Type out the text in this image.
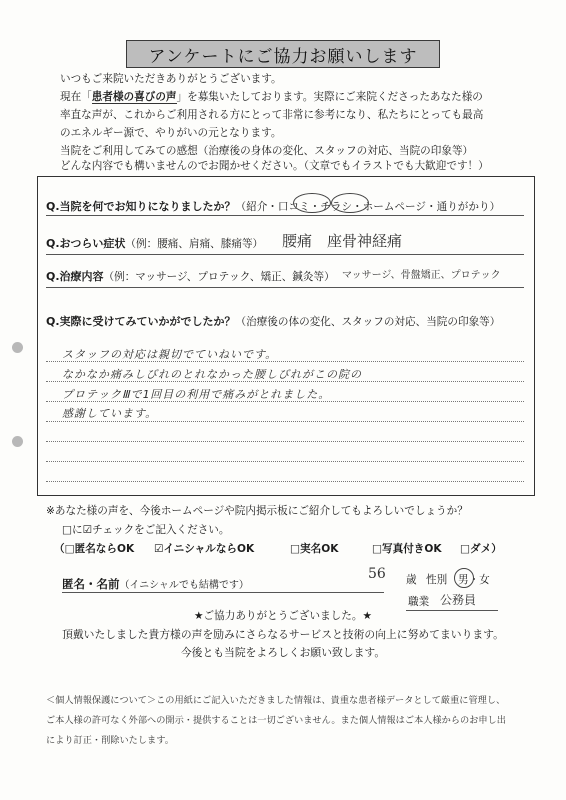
アンケートにご協力お願いします
いつもご来院いただきありがとうございます。
現在「患者様の喜びの声」を募集いたしております。実際にご来院くださったあなた様の
率直な声が、これからご利用される方にとって非常に参考になり、私たちにとっても最高
のエネルギー源で、やりがいの元となります。
当院をご利用してみての感想（治療後の身体の変化、スタッフの対応、当院の印象等）
どんな内容でも構いませんのでお聞かせください。（文章でもイラストでも大歓迎です！）
Q.当院を何でお知りになりましたか？（紹介・口コミ・チラシ・ホームページ・通りがかり）
Q.おつらい症状（例：腰痛、肩痛、膝痛等） 腰痛　座骨神経痛
Q.治療内容（例：マッサージ、プロテック、矯正、鍼灸等） マッサージ、骨盤矯正、プロテック
Q.実際に受けてみていかがでしたか？（治療後の体の変化、スタッフの対応、当院の印象等）
スタッフの対応は親切でていねいです。
なかなか痛みしびれのとれなかった腰しびれがこの院の
プロテックⅢで1回目の利用で痛みがとれました。
感謝しています。
※あなた様の声を、今後ホームページや院内掲示板にご紹介してもよろしいでしょうか？
□に☑チェックをご記入ください。
（□匿名ならOK ☑イニシャルならOK	□実名OK	□写真付きOK □ダメ）
匿名・名前（イニシャルでも結構です）
56 歳 性別 男・女
職業 公務員
★ご協力ありがとうございました。★
頂戴いたしました貴方様の声を励みにさらなるサービスと技術の向上に努めてまいります。
今後とも当院をよろしくお願い致します。
＜個人情報保護について＞この用紙にご記入いただきました情報は、貴重な患者様データとして厳重に管理し、
ご本人様の許可なく外部への開示・提供することは一切ございません。また個人情報はご本人様からのお申し出
により訂正・削除いたします。
